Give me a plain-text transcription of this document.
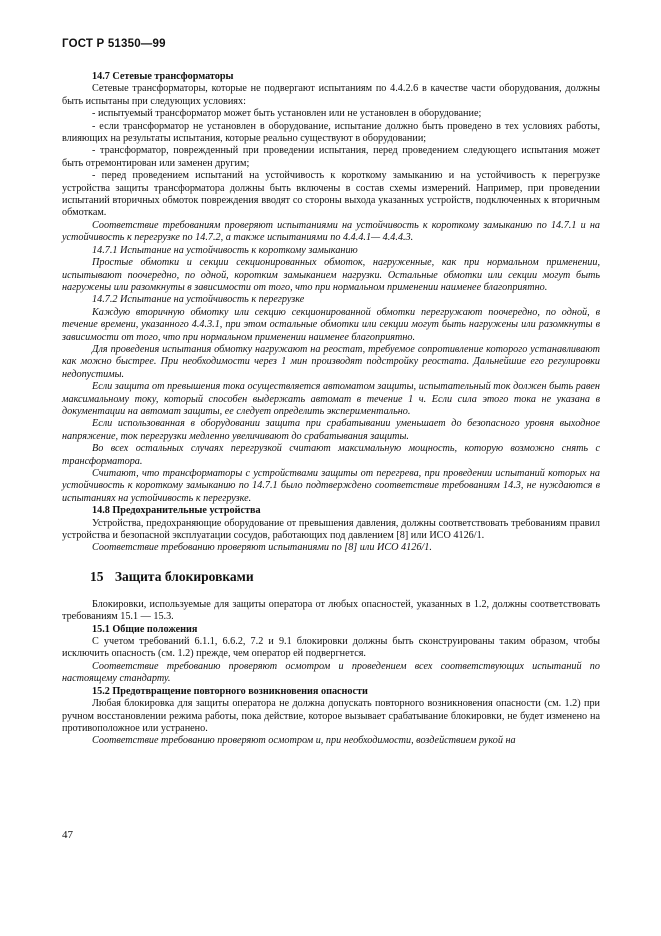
ГОСТ Р 51350—99
14.7 Сетевые трансформаторы

Сетевые трансформаторы, которые не подвергают испытаниям по 4.4.2.6 в качестве части оборудования, должны быть испытаны при следующих условиях:

- испытуемый трансформатор может быть установлен или не установлен в оборудование;

- если трансформатор не установлен в оборудование, испытание должно быть проведено в тех условиях работы, влияющих на результаты испытания, которые реально существуют в оборудовании;

- трансформатор, поврежденный при проведении испытания, перед проведением следующего испытания может быть отремонтирован или заменен другим;

- перед проведением испытаний на устойчивость к короткому замыканию и на устойчивость к перегрузке устройства защиты трансформатора должны быть включены в состав схемы измерений. Например, при проведении испытаний вторичных обмоток повреждения вводят со стороны выхода указанных устройств, подключенных к вторичным обмоткам.

Соответствие требованиям проверяют испытаниями на устойчивость к короткому замыканию по 14.7.1 и на устойчивость к перегрузке по 14.7.2, а также испытаниями по 4.4.4.1— 4.4.4.3.

14.7.1 Испытание на устойчивость к короткому замыканию

Простые обмотки и секции секционированных обмоток, нагруженные, как при нормальном применении, испытывают поочередно, по одной, коротким замыканием нагрузки. Остальные обмотки или секции могут быть нагружены или разомкнуты в зависимости от того, что при нормальном применении наименее благоприятно.

14.7.2 Испытание на устойчивость к перегрузке

Каждую вторичную обмотку или секцию секционированной обмотки перегружают поочередно, по одной, в течение времени, указанного 4.4.3.1, при этом остальные обмотки или секции могут быть нагружены или разомкнуты в зависимости от того, что при нормальном применении наименее благоприятно.

Для проведения испытания обмотку нагружают на реостат, требуемое сопротивление которого устанавливают как можно быстрее. При необходимости через 1 мин производят подстройку реостата. Дальнейшие его регулировки недопустимы.

Если защита от превышения тока осуществляется автоматом защиты, испытательный ток должен быть равен максимальному току, который способен выдержать автомат в течение 1 ч. Если сила этого тока не указана в документации на автомат защиты, ее следует определить экспериментально.

Если использованная в оборудовании защита при срабатывании уменьшает до безопасного уровня выходное напряжение, ток перегрузки медленно увеличивают до срабатывания защиты.

Во всех остальных случаях перегрузкой считают максимальную мощность, которую возможно снять с трансформатора.

Считают, что трансформаторы с устройствами защиты от перегрева, при проведении испытаний которых на устойчивость к короткому замыканию по 14.7.1 было подтверждено соответствие требованиям 14.3, не нуждаются в испытаниях на устойчивость к перегрузке.

14.8 Предохранительные устройства

Устройства, предохраняющие оборудование от превышения давления, должны соответствовать требованиям правил устройства и безопасной эксплуатации сосудов, работающих под давлением [8] или ИСО 4126/1.

Соответствие требованию проверяют испытаниями по [8] или ИСО 4126/1.

15 Защита блокировками

Блокировки, используемые для защиты оператора от любых опасностей, указанных в 1.2, должны соответствовать требованиям 15.1 — 15.3.

15.1 Общие положения

С учетом требований 6.1.1, 6.6.2, 7.2 и 9.1 блокировки должны быть сконструированы таким образом, чтобы исключить опасность (см. 1.2) прежде, чем оператор ей подвергнется.

Соответствие требованию проверяют осмотром и проведением всех соответствующих испытаний по настоящему стандарту.

15.2 Предотвращение повторного возникновения опасности

Любая блокировка для защиты оператора не должна допускать повторного возникновения опасности (см. 1.2) при ручном восстановлении режима работы, пока действие, которое вызывает срабатывание блокировки, не будет изменено на противоположное или устранено.

Соответствие требованию проверяют осмотром и, при необходимости, воздействием рукой на

47
